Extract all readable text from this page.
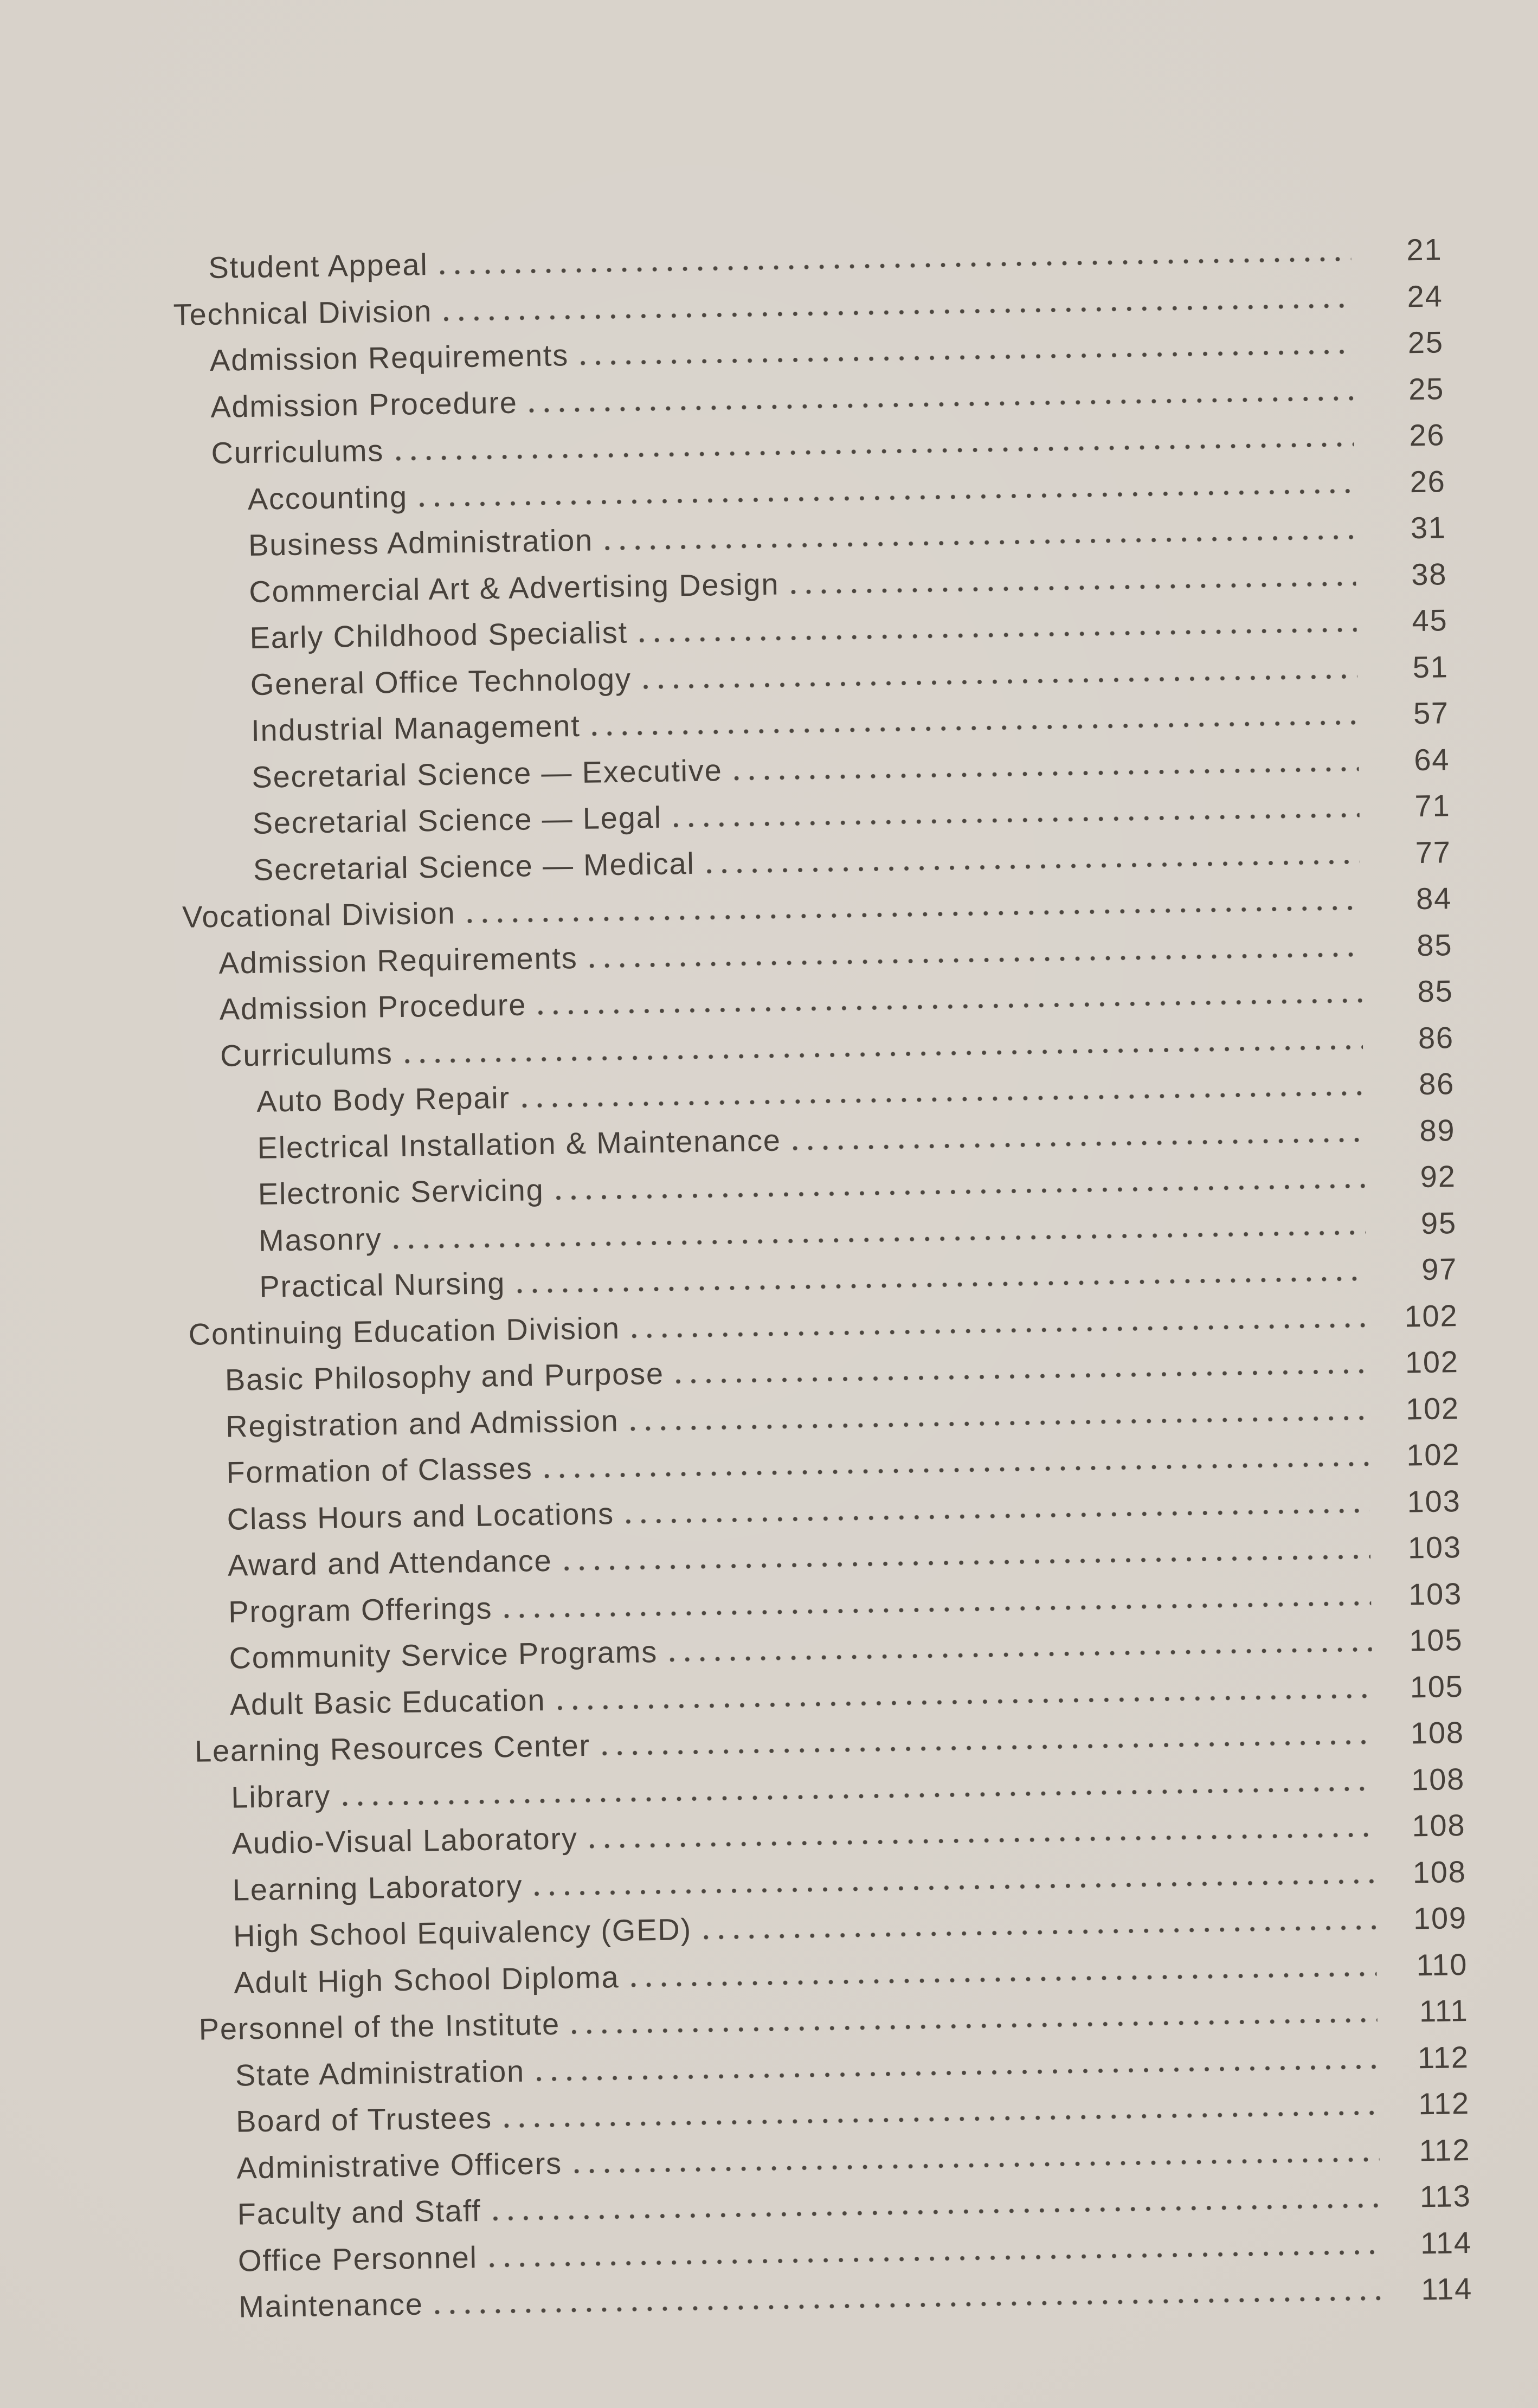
Student Appeal	21
Technical Division	24
Admission Requirements	25
Admission Procedure	25
Curriculums	26
Accounting	26
Business Administration	31
Commercial Art & Advertising Design	38
Early Childhood Specialist	45
General Office Technology	51
Industrial Management	57
Secretarial Science — Executive	64
Secretarial Science — Legal	71
Secretarial Science — Medical	77
Vocational Division	84
Admission Requirements	85
Admission Procedure	85
Curriculums	86
Auto Body Repair	86
Electrical Installation & Maintenance	89
Electronic Servicing	92
Masonry	95
Practical Nursing	97
Continuing Education Division	102
Basic Philosophy and Purpose	102
Registration and Admission	102
Formation of Classes	102
Class Hours and Locations	103
Award and Attendance	103
Program Offerings	103
Community Service Programs	105
Adult Basic Education	105
Learning Resources Center	108
Library	108
Audio-Visual Laboratory	108
Learning Laboratory	108
High School Equivalency (GED)	109
Adult High School Diploma	110
Personnel of the Institute	111
State Administration	112
Board of Trustees	112
Administrative Officers	112
Faculty and Staff	113
Office Personnel	114
Maintenance	114
